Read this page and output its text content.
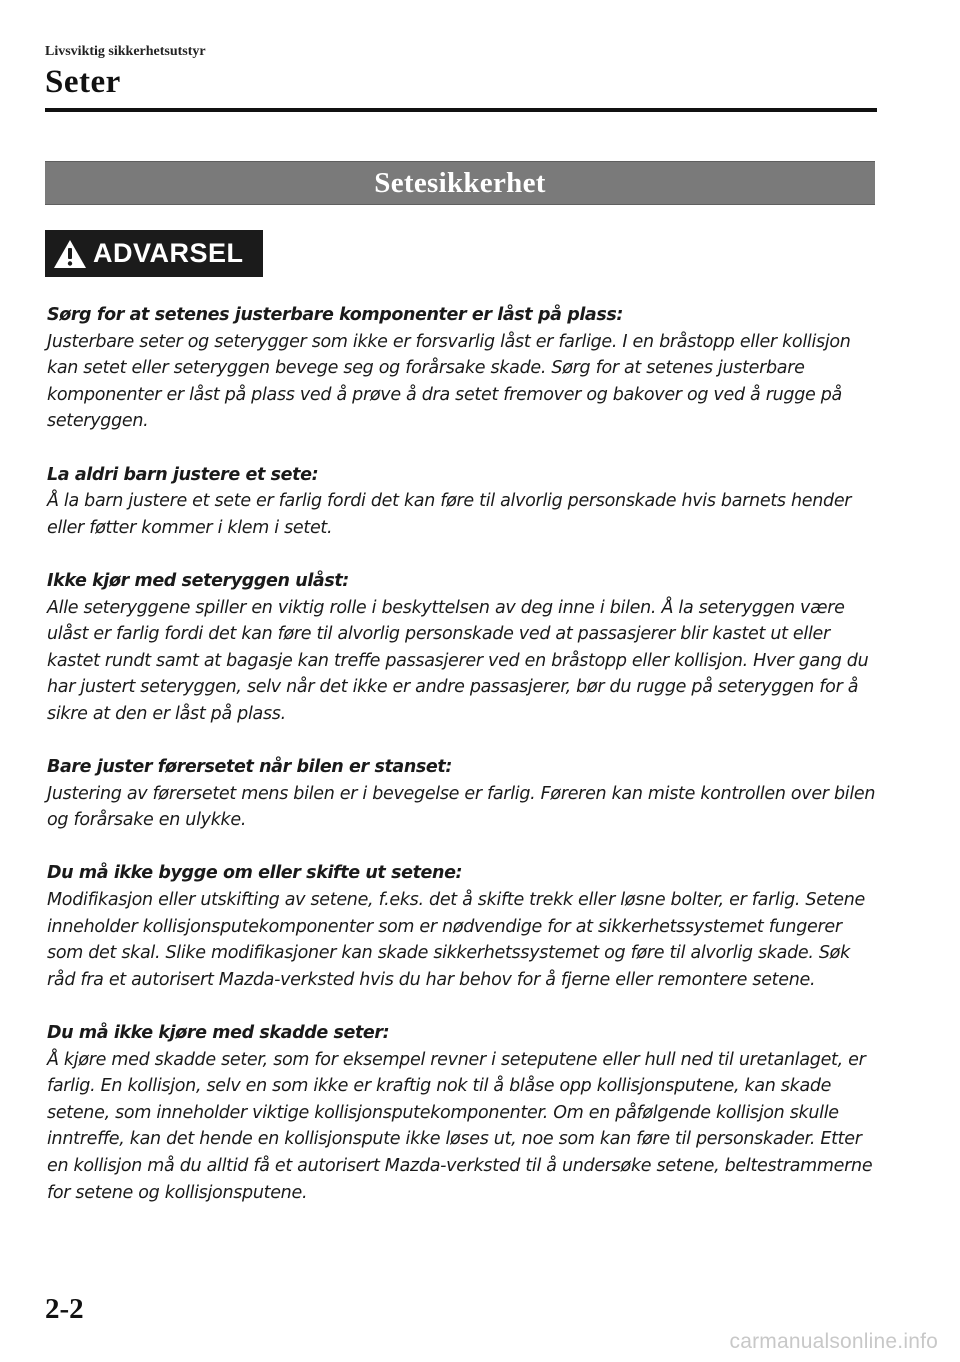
Livsviktig sikkerhetsutstyr
Seter
Setesikkerhet
ADVARSEL
Sørg for at setenes justerbare komponenter er låst på plass:

Justerbare seter og seterygger som ikke er forsvarlig låst er farlige. I en bråstopp eller kollisjon kan setet eller seteryggen bevege seg og forårsake skade. Sørg for at setenes justerbare komponenter er låst på plass ved å prøve å dra setet fremover og bakover og ved å rugge på seteryggen.

La aldri barn justere et sete:

Å la barn justere et sete er farlig fordi det kan føre til alvorlig personskade hvis barnets hender eller føtter kommer i klem i setet.

Ikke kjør med seteryggen ulåst:

Alle seteryggene spiller en viktig rolle i beskyttelsen av deg inne i bilen. Å la seteryggen være ulåst er farlig fordi det kan føre til alvorlig personskade ved at passasjerer blir kastet ut eller kastet rundt samt at bagasje kan treffe passasjerer ved en bråstopp eller kollisjon. Hver gang du har justert seteryggen, selv når det ikke er andre passasjerer, bør du rugge på seteryggen for å sikre at den er låst på plass.

Bare juster førersetet når bilen er stanset:

Justering av førersetet mens bilen er i bevegelse er farlig. Føreren kan miste kontrollen over bilen og forårsake en ulykke.

Du må ikke bygge om eller skifte ut setene:

Modifikasjon eller utskifting av setene, f.eks. det å skifte trekk eller løsne bolter, er farlig. Setene inneholder kollisjonsputekomponenter som er nødvendige for at sikkerhetssystemet fungerer som det skal. Slike modifikasjoner kan skade sikkerhetssystemet og føre til alvorlig skade. Søk råd fra et autorisert Mazda-verksted hvis du har behov for å fjerne eller remontere setene.

Du må ikke kjøre med skadde seter:

Å kjøre med skadde seter, som for eksempel revner i seteputene eller hull ned til uretanlaget, er farlig. En kollisjon, selv en som ikke er kraftig nok til å blåse opp kollisjonsputene, kan skade setene, som inneholder viktige kollisjonsputekomponenter. Om en påfølgende kollisjon skulle inntreffe, kan det hende en kollisjonspute ikke løses ut, noe som kan føre til personskader. Etter en kollisjon må du alltid få et autorisert Mazda-verksted til å undersøke setene, beltestrammerne for setene og kollisjonsputene.

2-2
carmanualsonline.info
